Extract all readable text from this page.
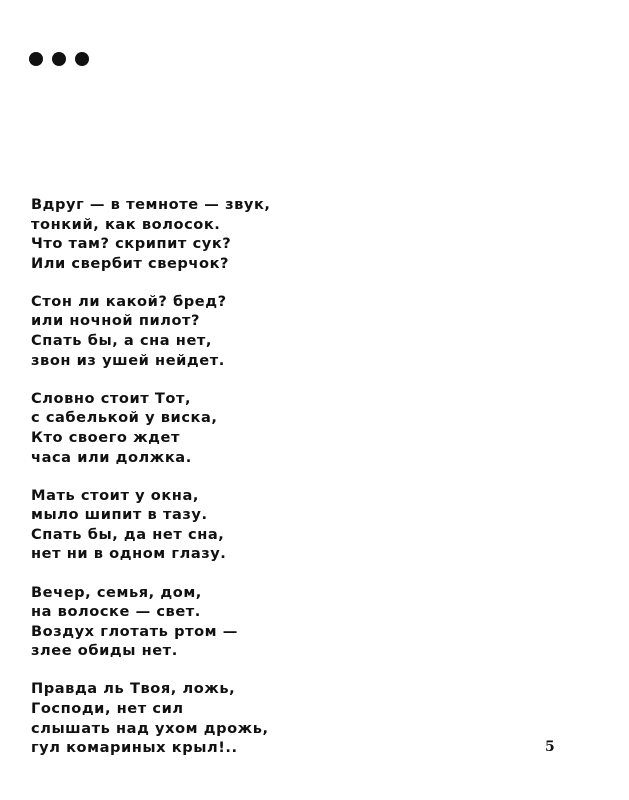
Вдруг — в темноте — звук,
тонкий, как волосок.
Что там? скрипит сук?
Или свербит сверчок?
Стон ли какой? бред?
или ночной пилот?
Спать бы, а сна нет,
звон из ушей нейдет.
Словно стоит Тот,
с сабелькой у виска,
Кто своего ждет
часа или должка.
Мать стоит у окна,
мыло шипит в тазу.
Спать бы, да нет сна,
нет ни в одном глазу.
Вечер, семья, дом,
на волоске — свет.
Воздух глотать ртом —
злее обиды нет.
Правда ль Твоя, ложь,
Господи, нет сил
слышать над ухом дрожь,
гул комариных крыл!..	5
